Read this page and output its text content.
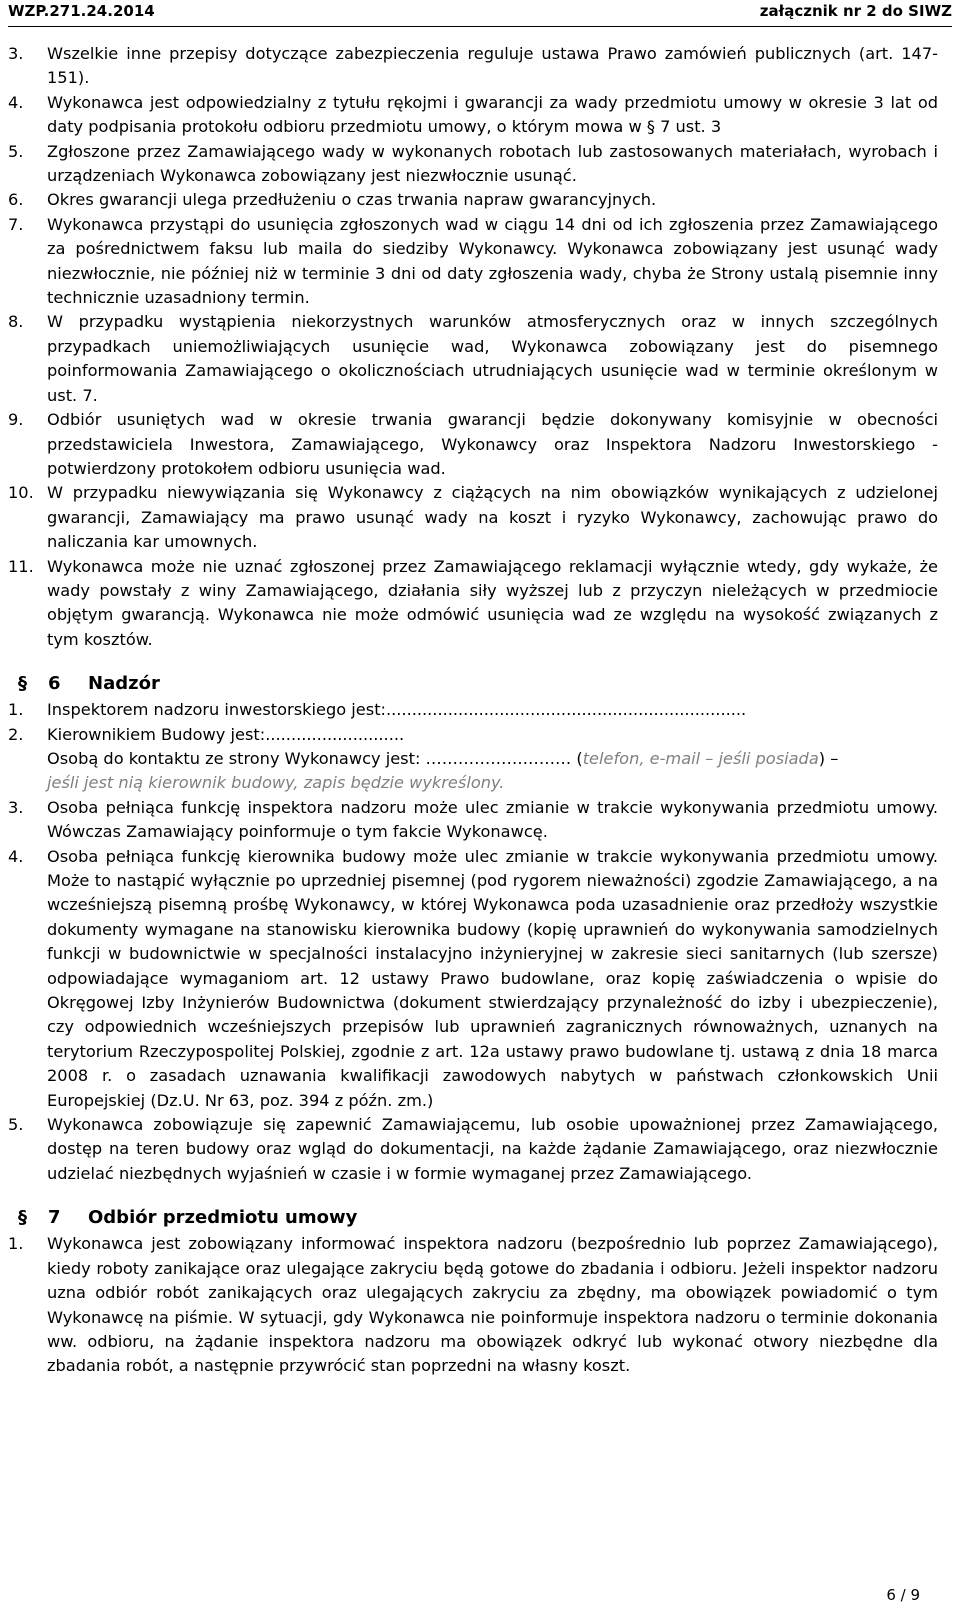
WZP.271.24.2014	załącznik nr 2 do SIWZ
3.	Wszelkie inne przepisy dotyczące zabezpieczenia reguluje ustawa Prawo zamówień publicznych (art. 147-151).
4.	Wykonawca jest odpowiedzialny z tytułu rękojmi i gwarancji za wady przedmiotu umowy w okresie 3 lat od daty podpisania protokołu odbioru przedmiotu umowy, o którym mowa w § 7 ust. 3
5.	Zgłoszone przez Zamawiającego wady w wykonanych robotach lub zastosowanych materiałach, wyrobach i urządzeniach Wykonawca zobowiązany jest niezwłocznie usunąć.
6.	Okres gwarancji ulega przedłużeniu o czas trwania napraw gwarancyjnych.
7.	Wykonawca przystąpi do usunięcia zgłoszonych wad w ciągu 14 dni od ich zgłoszenia przez Zamawiającego za pośrednictwem faksu lub maila do siedziby Wykonawcy. Wykonawca zobowiązany jest usunąć wady niezwłocznie, nie później niż w terminie 3 dni od daty zgłoszenia wady, chyba że Strony ustalą pisemnie inny technicznie uzasadniony termin.
8.	W przypadku wystąpienia niekorzystnych warunków atmosferycznych oraz w innych szczególnych przypadkach uniemożliwiających usunięcie wad, Wykonawca zobowiązany jest do pisemnego poinformowania Zamawiającego o okolicznościach utrudniających usunięcie wad w terminie określonym w ust. 7.
9.	Odbiór usuniętych wad w okresie trwania gwarancji będzie dokonywany komisyjnie w obecności przedstawiciela Inwestora, Zamawiającego, Wykonawcy oraz Inspektora Nadzoru Inwestorskiego - potwierdzony protokołem odbioru usunięcia wad.
10. W przypadku niewywiązania się Wykonawcy z ciążących na nim obowiązków wynikających z udzielonej gwarancji, Zamawiający ma prawo usunąć wady na koszt i ryzyko Wykonawcy, zachowując prawo do naliczania kar umownych.
11. Wykonawca może nie uznać zgłoszonej przez Zamawiającego reklamacji wyłącznie wtedy, gdy wykaże, że wady powstały z winy Zamawiającego, działania siły wyższej lub z przyczyn nieleżących w przedmiocie objętym gwarancją. Wykonawca nie może odmówić usunięcia wad ze względu na wysokość związanych z tym kosztów.
§	6	Nadzór
1.	Inspektorem nadzoru inwestorskiego jest:......................................................................
2.	Kierownikiem Budowy jest:...........................
Osobą do kontaktu ze strony Wykonawcy jest: ……………………… (telefon, e-mail – jeśli posiada) –
jeśli jest nią kierownik budowy, zapis będzie wykreślony.
3.	Osoba pełniąca funkcję inspektora nadzoru może ulec zmianie w trakcie wykonywania przedmiotu umowy. Wówczas Zamawiający poinformuje o tym fakcie Wykonawcę.
4.	Osoba pełniąca funkcję kierownika budowy może ulec zmianie w trakcie wykonywania przedmiotu umowy. Może to nastąpić wyłącznie po uprzedniej pisemnej (pod rygorem nieważności) zgodzie Zamawiającego, a na wcześniejszą pisemną prośbę Wykonawcy, w której Wykonawca poda uzasadnienie oraz przedłoży wszystkie dokumenty wymagane na stanowisku kierownika budowy (kopię uprawnień do wykonywania samodzielnych funkcji w budownictwie w specjalności instalacyjno inżynieryjnej w zakresie sieci sanitarnych (lub szersze) odpowiadające wymaganiom art. 12 ustawy Prawo budowlane, oraz kopię zaświadczenia o wpisie do Okręgowej Izby Inżynierów Budownictwa (dokument stwierdzający przynależność do izby i ubezpieczenie), czy odpowiednich wcześniejszych przepisów lub uprawnień zagranicznych równoważnych, uznanych na terytorium Rzeczypospolitej Polskiej, zgodnie z art. 12a ustawy prawo budowlane tj. ustawą z dnia 18 marca 2008 r. o zasadach uznawania kwalifikacji zawodowych nabytych w państwach członkowskich Unii Europejskiej (Dz.U. Nr 63, poz. 394 z późn. zm.)
5.	Wykonawca zobowiązuje się zapewnić Zamawiającemu, lub osobie upoważnionej przez Zamawiającego, dostęp na teren budowy oraz wgląd do dokumentacji, na każde żądanie Zamawiającego, oraz niezwłocznie udzielać niezbędnych wyjaśnień w czasie i w formie wymaganej przez Zamawiającego.
§	7	Odbiór przedmiotu umowy
1.	Wykonawca jest zobowiązany informować inspektora nadzoru (bezpośrednio lub poprzez Zamawiającego), kiedy roboty zanikające oraz ulegające zakryciu będą gotowe do zbadania i odbioru. Jeżeli inspektor nadzoru uzna odbiór robót zanikających oraz ulegających zakryciu za zbędny, ma obowiązek powiadomić o tym Wykonawcę na piśmie. W sytuacji, gdy Wykonawca nie poinformuje inspektora nadzoru o terminie dokonania ww. odbioru, na żądanie inspektora nadzoru ma obowiązek odkryć lub wykonać otwory niezbędne dla zbadania robót, a następnie przywrócić stan poprzedni na własny koszt.
6 / 9
